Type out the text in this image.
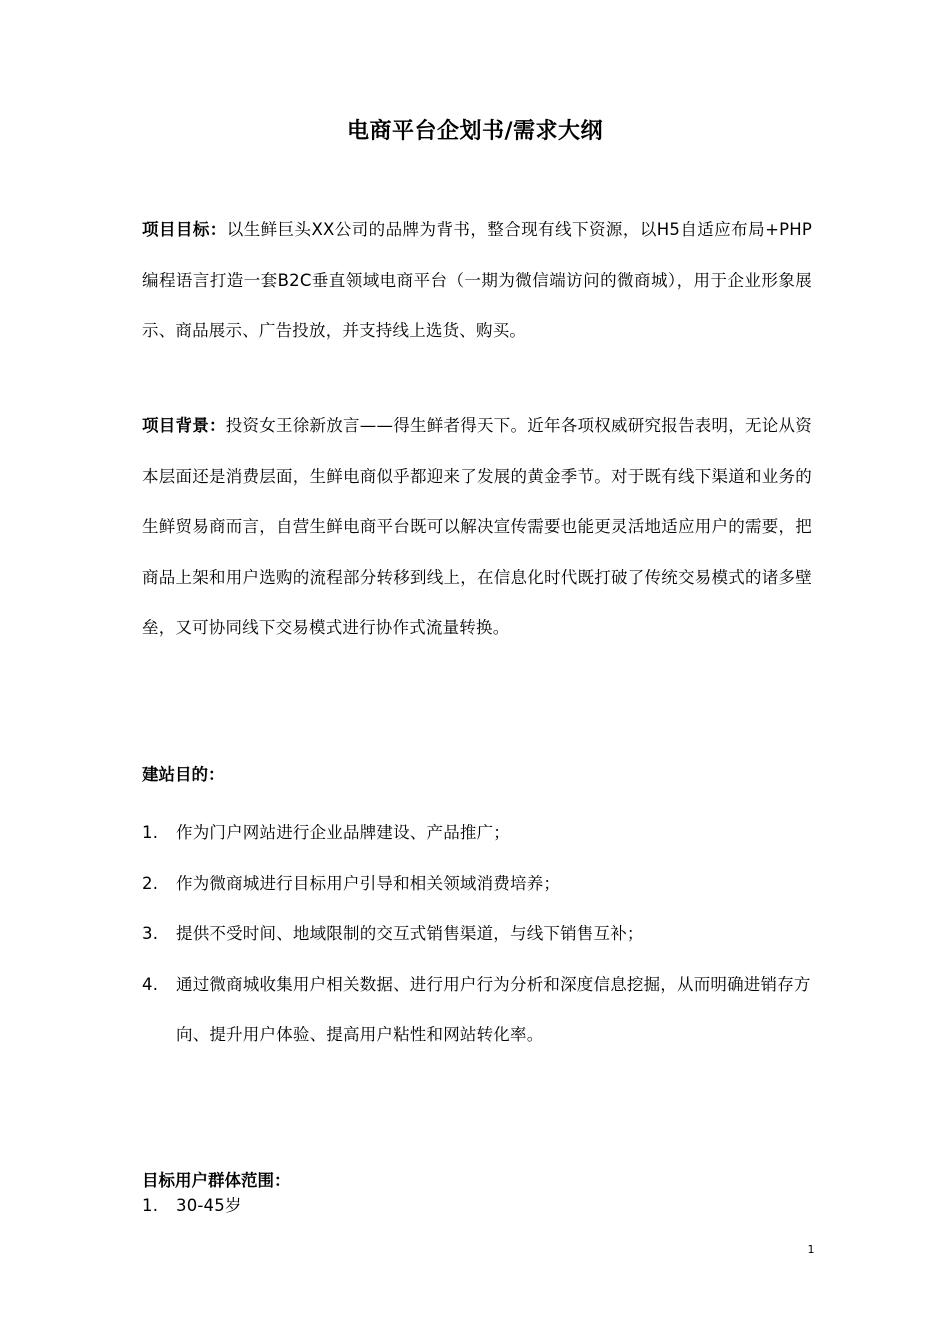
电商平台企划书/需求大纲
项目目标：以生鲜巨头XX公司的品牌为背书，整合现有线下资源，以H5自适应布局+PHP编程语言打造一套B2C垂直领域电商平台（一期为微信端访问的微商城），用于企业形象展示、商品展示、广告投放，并支持线上选货、购买。
项目背景：投资女王徐新放言——得生鲜者得天下。近年各项权威研究报告表明，无论从资本层面还是消费层面，生鲜电商似乎都迎来了发展的黄金季节。对于既有线下渠道和业务的生鲜贸易商而言，自营生鲜电商平台既可以解决宣传需要也能更灵活地适应用户的需要，把商品上架和用户选购的流程部分转移到线上，在信息化时代既打破了传统交易模式的诸多壁垒，又可协同线下交易模式进行协作式流量转换。
建站目的：
1. 作为门户网站进行企业品牌建设、产品推广；
2. 作为微商城进行目标用户引导和相关领域消费培养；
3. 提供不受时间、地域限制的交互式销售渠道，与线下销售互补；
4. 通过微商城收集用户相关数据、进行用户行为分析和深度信息挖掘，从而明确进销存方向、提升用户体验、提高用户粘性和网站转化率。
目标用户群体范围：
1. 30-45岁
1
